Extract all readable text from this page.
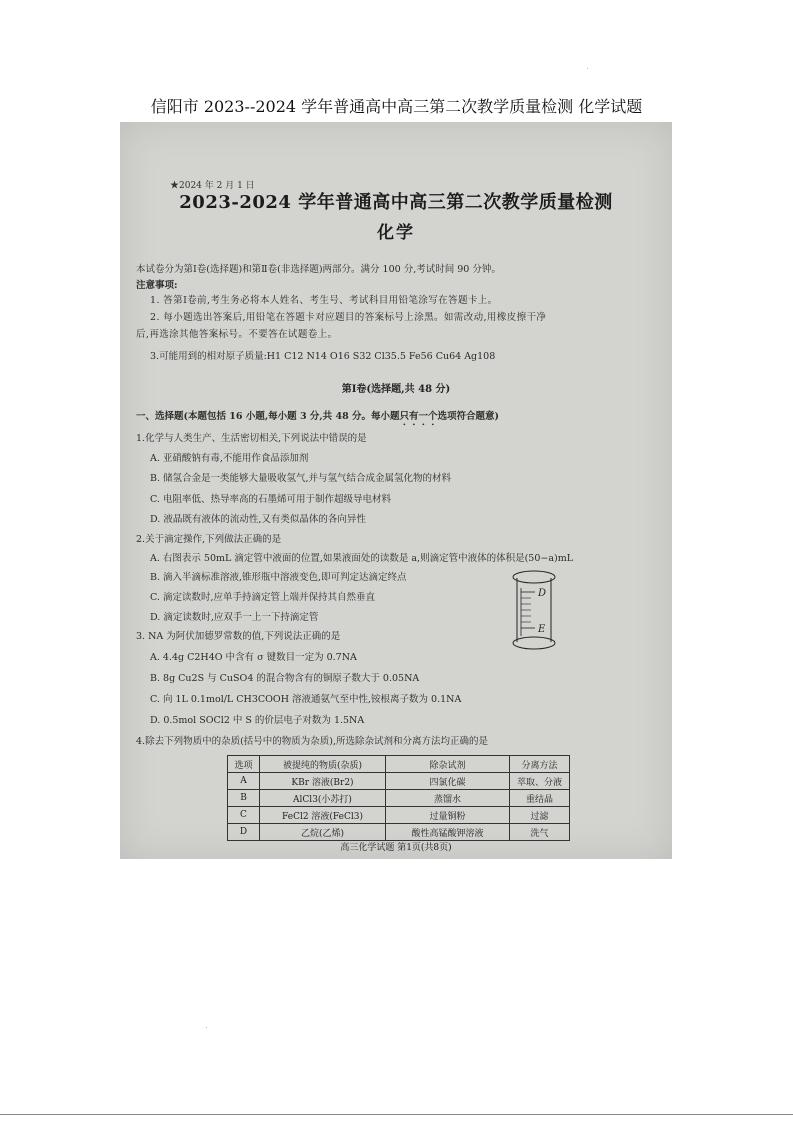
信阳市 2023--2024 学年普通高中高三第二次教学质量检测 化学试题
★2024 年 2 月 1 日
2023-2024 学年普通高中高三第二次教学质量检测
化学
本试卷分为第Ⅰ卷(选择题)和第Ⅱ卷(非选择题)两部分。满分 100 分,考试时间 90 分钟。
注意事项:
1. 答第Ⅰ卷前,考生务必将本人姓名、考生号、考试科目用铅笔涂写在答题卡上。
2. 每小题选出答案后,用铅笔在答题卡对应题目的答案标号上涂黑。如需改动,用橡皮擦干净
后,再选涂其他答案标号。不要答在试题卷上。
3.可能用到的相对原子质量:H1 C12 N14 O16 S32 Cl35.5 Fe56 Cu64 Ag108
第Ⅰ卷(选择题,共 48 分)
一、选择题(本题包括 16 小题,每小题 3 分,共 48 分。每小题只有一个选项符合题意)
1.化学与人类生产、生活密切相关,下列说法中错误的是
A. 亚硝酸钠有毒,不能用作食品添加剂
B. 储氢合金是一类能够大量吸收氢气,并与氢气结合成金属氢化物的材料
C. 电阻率低、热导率高的石墨烯可用于制作超级导电材料
D. 液晶既有液体的流动性,又有类似晶体的各向异性
2.关于滴定操作,下列做法正确的是
A. 右图表示 50mL 滴定管中液面的位置,如果液面处的读数是 a,则滴定管中液体的体积是(50−a)mL
B. 滴入半滴标准溶液,锥形瓶中溶液变色,即可判定达滴定终点
C. 滴定读数时,应单手持滴定管上端并保持其自然垂直
D. 滴定读数时,应双手一上一下持滴定管
D
E
3. NA 为阿伏加德罗常数的值,下列说法正确的是
A. 4.4g C2H4O 中含有 σ 键数目一定为 0.7NA
B. 8g Cu2S 与 CuSO4 的混合物含有的铜原子数大于 0.05NA
C. 向 1L 0.1mol/L CH3COOH 溶液通氨气至中性,铵根离子数为 0.1NA
D. 0.5mol SOCl2 中 S 的价层电子对数为 1.5NA
4.除去下列物质中的杂质(括号中的物质为杂质),所选除杂试剂和分离方法均正确的是
选项	被提纯的物质(杂质)	除杂试剂	分离方法
A	KBr 溶液(Br2)	四氯化碳	萃取、分液
B	AlCl3(小苏打)	蒸馏水	重结晶
C	FeCl2 溶液(FeCl3)	过量铜粉	过滤
D	乙烷(乙烯)	酸性高锰酸钾溶液	洗气
高三化学试题 第1页(共8页)
